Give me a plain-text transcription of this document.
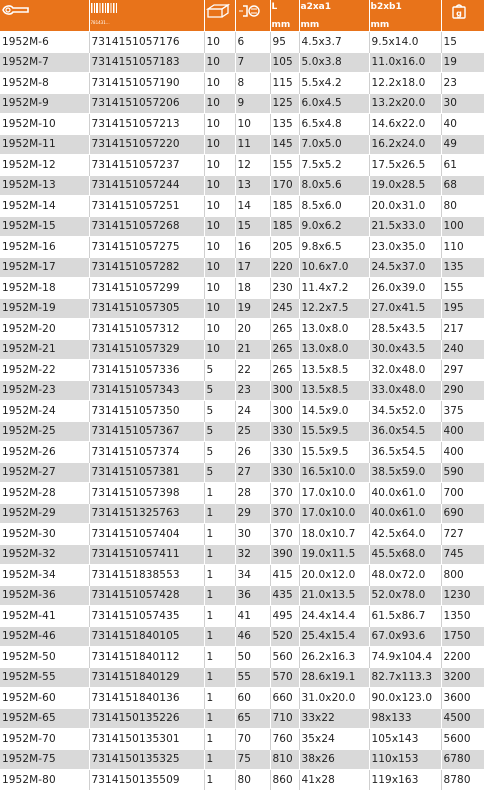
781431...			L
mm	a2xa1
mm	b2xb1
mm	g

1952M-6	7314151057176	10	6	95	4.5x3.7	9.5x14.0	15
1952M-7	7314151057183	10	7	105	5.0x3.8	11.0x16.0	19
1952M-8	7314151057190	10	8	115	5.5x4.2	12.2x18.0	23
1952M-9	7314151057206	10	9	125	6.0x4.5	13.2x20.0	30
1952M-10	7314151057213	10	10	135	6.5x4.8	14.6x22.0	40
1952M-11	7314151057220	10	11	145	7.0x5.0	16.2x24.0	49
1952M-12	7314151057237	10	12	155	7.5x5.2	17.5x26.5	61
1952M-13	7314151057244	10	13	170	8.0x5.6	19.0x28.5	68
1952M-14	7314151057251	10	14	185	8.5x6.0	20.0x31.0	80
1952M-15	7314151057268	10	15	185	9.0x6.2	21.5x33.0	100
1952M-16	7314151057275	10	16	205	9.8x6.5	23.0x35.0	110
1952M-17	7314151057282	10	17	220	10.6x7.0	24.5x37.0	135
1952M-18	7314151057299	10	18	230	11.4x7.2	26.0x39.0	155
1952M-19	7314151057305	10	19	245	12.2x7.5	27.0x41.5	195
1952M-20	7314151057312	10	20	265	13.0x8.0	28.5x43.5	217
1952M-21	7314151057329	10	21	265	13.0x8.0	30.0x43.5	240
1952M-22	7314151057336	5	22	265	13.5x8.5	32.0x48.0	297
1952M-23	7314151057343	5	23	300	13.5x8.5	33.0x48.0	290
1952M-24	7314151057350	5	24	300	14.5x9.0	34.5x52.0	375
1952M-25	7314151057367	5	25	330	15.5x9.5	36.0x54.5	400
1952M-26	7314151057374	5	26	330	15.5x9.5	36.5x54.5	400
1952M-27	7314151057381	5	27	330	16.5x10.0	38.5x59.0	590
1952M-28	7314151057398	1	28	370	17.0x10.0	40.0x61.0	700
1952M-29	7314151325763	1	29	370	17.0x10.0	40.0x61.0	690
1952M-30	7314151057404	1	30	370	18.0x10.7	42.5x64.0	727
1952M-32	7314151057411	1	32	390	19.0x11.5	45.5x68.0	745
1952M-34	7314151838553	1	34	415	20.0x12.0	48.0x72.0	800
1952M-36	7314151057428	1	36	435	21.0x13.5	52.0x78.0	1230
1952M-41	7314151057435	1	41	495	24.4x14.4	61.5x86.7	1350
1952M-46	7314151840105	1	46	520	25.4x15.4	67.0x93.6	1750
1952M-50	7314151840112	1	50	560	26.2x16.3	74.9x104.4	2200
1952M-55	7314151840129	1	55	570	28.6x19.1	82.7x113.3	3200
1952M-60	7314151840136	1	60	660	31.0x20.0	90.0x123.0	3600
1952M-65	7314150135226	1	65	710	33x22	98x133	4500
1952M-70	7314150135301	1	70	760	35x24	105x143	5600
1952M-75	7314150135325	1	75	810	38x26	110x153	6780
1952M-80	7314150135509	1	80	860	41x28	119x163	8780
